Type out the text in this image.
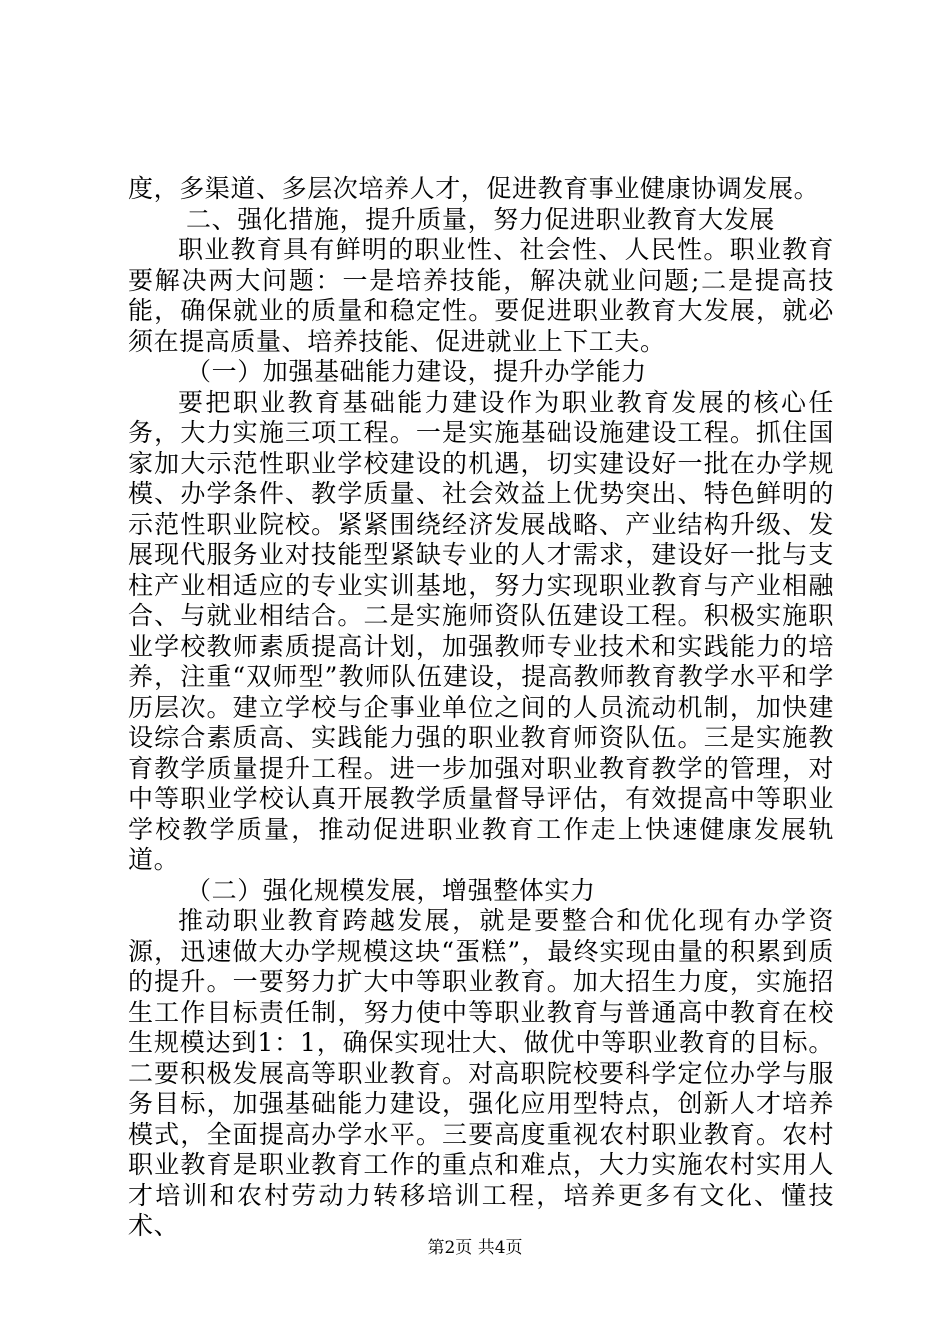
度，多渠道、多层次培养人才，促进教育事业健康协调发展。

二、强化措施，提升质量，努力促进职业教育大发展

职业教育具有鲜明的职业性、社会性、人民性。职业教育要解决两大问题：一是培养技能，解决就业问题;二是提高技能，确保就业的质量和稳定性。要促进职业教育大发展，就必须在提高质量、培养技能、促进就业上下工夫。

（一）加强基础能力建设，提升办学能力

要把职业教育基础能力建设作为职业教育发展的核心任务，大力实施三项工程。一是实施基础设施建设工程。抓住国家加大示范性职业学校建设的机遇，切实建设好一批在办学规模、办学条件、教学质量、社会效益上优势突出、特色鲜明的示范性职业院校。紧紧围绕经济发展战略、产业结构升级、发展现代服务业对技能型紧缺专业的人才需求，建设好一批与支柱产业相适应的专业实训基地，努力实现职业教育与产业相融合、与就业相结合。二是实施师资队伍建设工程。积极实施职业学校教师素质提高计划，加强教师专业技术和实践能力的培养，注重“双师型”教师队伍建设，提高教师教育教学水平和学历层次。建立学校与企事业单位之间的人员流动机制，加快建设综合素质高、实践能力强的职业教育师资队伍。三是实施教育教学质量提升工程。进一步加强对职业教育教学的管理，对中等职业学校认真开展教学质量督导评估，有效提高中等职业学校教学质量，推动促进职业教育工作走上快速健康发展轨道。

（二）强化规模发展，增强整体实力

推动职业教育跨越发展，就是要整合和优化现有办学资源，迅速做大办学规模这块“蛋糕”，最终实现由量的积累到质的提升。一要努力扩大中等职业教育。加大招生力度，实施招生工作目标责任制，努力使中等职业教育与普通高中教育在校生规模达到1：1，确保实现壮大、做优中等职业教育的目标。二要积极发展高等职业教育。对高职院校要科学定位办学与服务目标，加强基础能力建设，强化应用型特点，创新人才培养模式，全面提高办学水平。三要高度重视农村职业教育。农村职业教育是职业教育工作的重点和难点，大力实施农村实用人才培训和农村劳动力转移培训工程，培养更多有文化、懂技术、

第2页 共4页
